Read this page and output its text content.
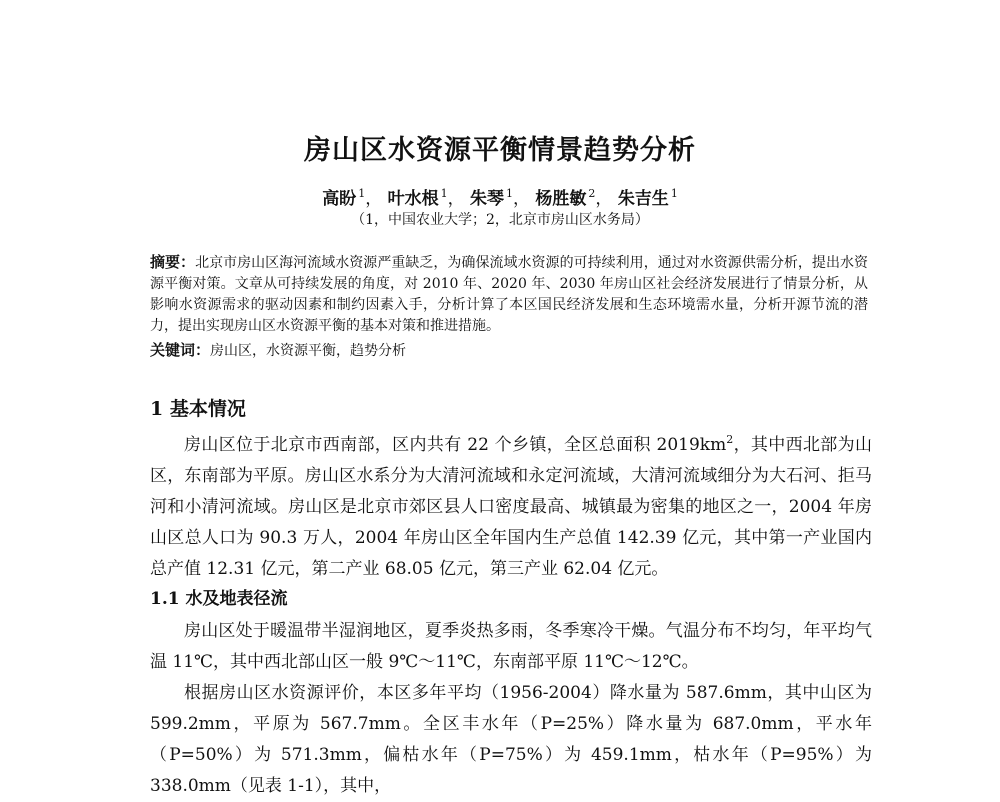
房山区水资源平衡情景趋势分析
高盼 $^1$， 叶水根 $^1$， 朱琴 $^1$， 杨胜敏 $^2$， 朱吉生 $^1$
（1，中国农业大学；2，北京市房山区水务局）
摘要：北京市房山区海河流域水资源严重缺乏，为确保流域水资源的可持续利用，通过对水资源供需分析，提出水资源平衡对策。文章从可持续发展的角度，对 2010 年、2020 年、2030 年房山区社会经济发展进行了情景分析，从影响水资源需求的驱动因素和制约因素入手，分析计算了本区国民经济发展和生态环境需水量，分析开源节流的潜力，提出实现房山区水资源平衡的基本对策和推进措施。
关键词：房山区，水资源平衡，趋势分析
1 基本情况

房山区位于北京市西南部，区内共有 22 个乡镇，全区总面积 $2019km^2$，其中西北部为山区，东南部为平原。房山区水系分为大清河流域和永定河流域，大清河流域细分为大石河、拒马河和小清河流域。房山区是北京市郊区县人口密度最高、城镇最为密集的地区之一，2004 年房山区总人口为 90.3 万人，2004 年房山区全年国内生产总值 142.39 亿元，其中第一产业国内总产值 12.31 亿元，第二产业 68.05 亿元，第三产业 62.04 亿元。

1.1 水及地表径流

房山区处于暖温带半湿润地区，夏季炎热多雨，冬季寒冷干燥。气温分布不均匀，年平均气温 11℃，其中西北部山区一般 9℃～11℃，东南部平原 11℃～12℃。

根据房山区水资源评价，本区多年平均（1956-2004）降水量为 587.6mm，其中山区为 599.2mm，平原为 567.7mm。全区丰水年（P=25%）降水量为 687.0mm，平水年（P=50%）为 571.3mm，偏枯水年（P=75%）为 459.1mm，枯水年（P=95%）为 338.0mm（见表 1-1），其中，
